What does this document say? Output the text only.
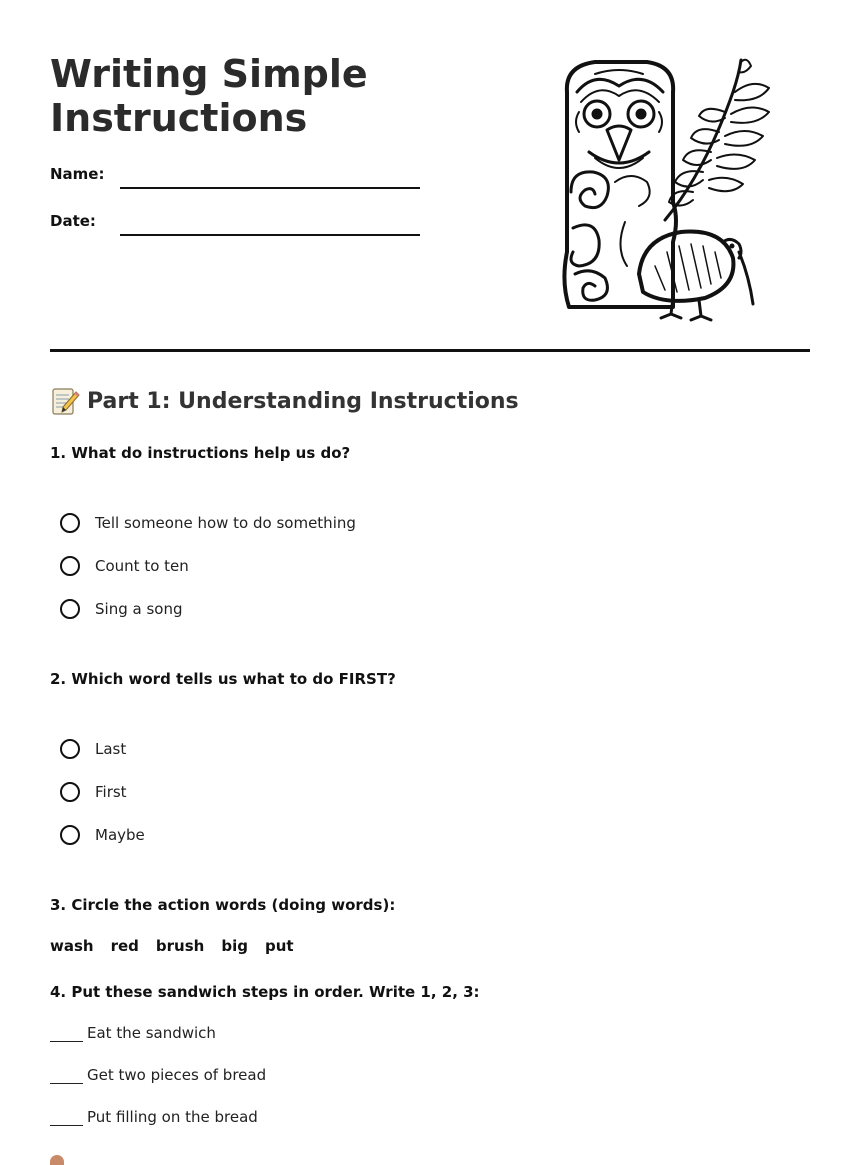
Writing Simple
Instructions
Name:
Date:
Part 1: Understanding Instructions
1. What do instructions help us do?
Tell someone how to do something
Count to ten
Sing a song
2. Which word tells us what to do FIRST?
Last
First
Maybe
3. Circle the action words (doing words):
wash red brush big put
4. Put these sandwich steps in order. Write 1, 2, 3:
Eat the sandwich
Get two pieces of bread
Put filling on the bread
